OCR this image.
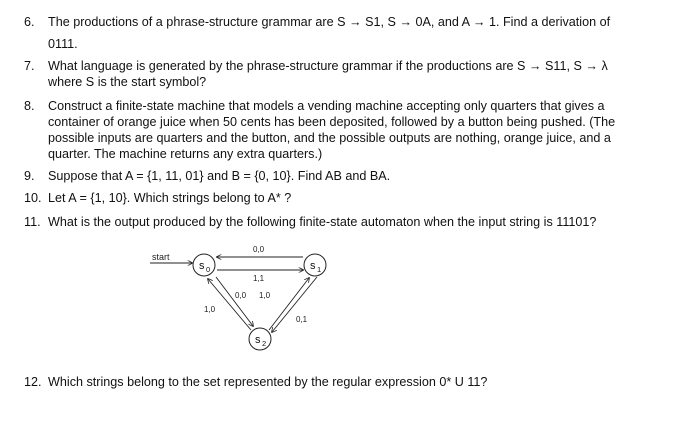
6. The productions of a phrase-structure grammar are S → S1, S → 0A, and A → 1. Find a derivation of
0111.
7. What language is generated by the phrase-structure grammar if the productions are S → S11, S → λ
where S is the start symbol?
8. Construct a finite-state machine that models a vending machine accepting only quarters that gives a
container of orange juice when 50 cents has been deposited, followed by a button being pushed. (The
possible inputs are quarters and the button, and the possible outputs are nothing, orange juice, and a
quarter. The machine returns any extra quarters.)
9. Suppose that A = {1, 11, 01} and B = {0, 10}. Find AB and BA.
10. Let A = {1, 10}. Which strings belong to A* ?
11. What is the output produced by the following finite-state automaton when the input string is 11101?
start
s 0	s 1
s 2
0,0
1,1
1,0
0,0 1,0
0,1
12. Which strings belong to the set represented by the regular expression 0* U 11?
